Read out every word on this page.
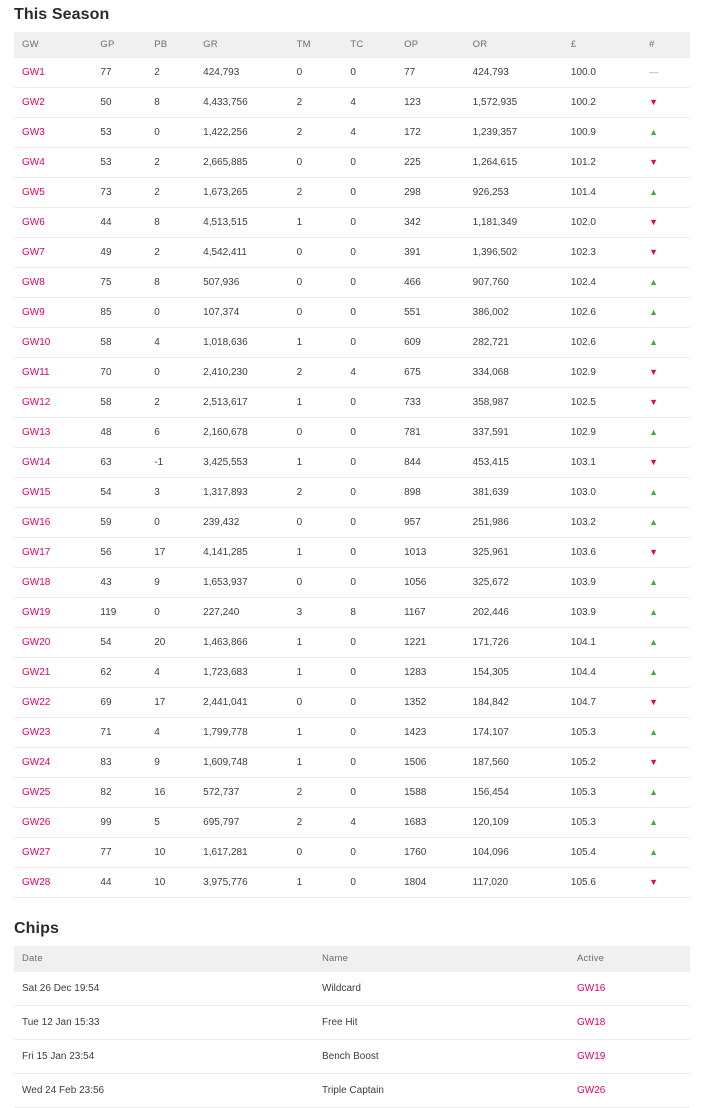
This Season
GW	GP	PB	GR	TM	TC	OP	OR	£	#
GW1	77	2	424,793	0	0	77	424,793	100.0	—
GW2	50	8	4,433,756	2	4	123	1,572,935	100.2	▼
GW3	53	0	1,422,256	2	4	172	1,239,357	100.9	▲
GW4	53	2	2,665,885	0	0	225	1,264,615	101.2	▼
GW5	73	2	1,673,265	2	0	298	926,253	101.4	▲
GW6	44	8	4,513,515	1	0	342	1,181,349	102.0	▼
GW7	49	2	4,542,411	0	0	391	1,396,502	102.3	▼
GW8	75	8	507,936	0	0	466	907,760	102.4	▲
GW9	85	0	107,374	0	0	551	386,002	102.6	▲
GW10	58	4	1,018,636	1	0	609	282,721	102.6	▲
GW11	70	0	2,410,230	2	4	675	334,068	102.9	▼
GW12	58	2	2,513,617	1	0	733	358,987	102.5	▼
GW13	48	6	2,160,678	0	0	781	337,591	102.9	▲
GW14	63	-1	3,425,553	1	0	844	453,415	103.1	▼
GW15	54	3	1,317,893	2	0	898	381,639	103.0	▲
GW16	59	0	239,432	0	0	957	251,986	103.2	▲
GW17	56	17	4,141,285	1	0	1013	325,961	103.6	▼
GW18	43	9	1,653,937	0	0	1056	325,672	103.9	▲
GW19	119	0	227,240	3	8	1167	202,446	103.9	▲
GW20	54	20	1,463,866	1	0	1221	171,726	104.1	▲
GW21	62	4	1,723,683	1	0	1283	154,305	104.4	▲
GW22	69	17	2,441,041	0	0	1352	184,842	104.7	▼
GW23	71	4	1,799,778	1	0	1423	174,107	105.3	▲
GW24	83	9	1,609,748	1	0	1506	187,560	105.2	▼
GW25	82	16	572,737	2	0	1588	156,454	105.3	▲
GW26	99	5	695,797	2	4	1683	120,109	105.3	▲
GW27	77	10	1,617,281	0	0	1760	104,096	105.4	▲
GW28	44	10	3,975,776	1	0	1804	117,020	105.6	▼
Chips
Date	Name	Active
Sat 26 Dec 19:54	Wildcard	GW16
Tue 12 Jan 15:33	Free Hit	GW18
Fri 15 Jan 23:54	Bench Boost	GW19
Wed 24 Feb 23:56	Triple Captain	GW26
